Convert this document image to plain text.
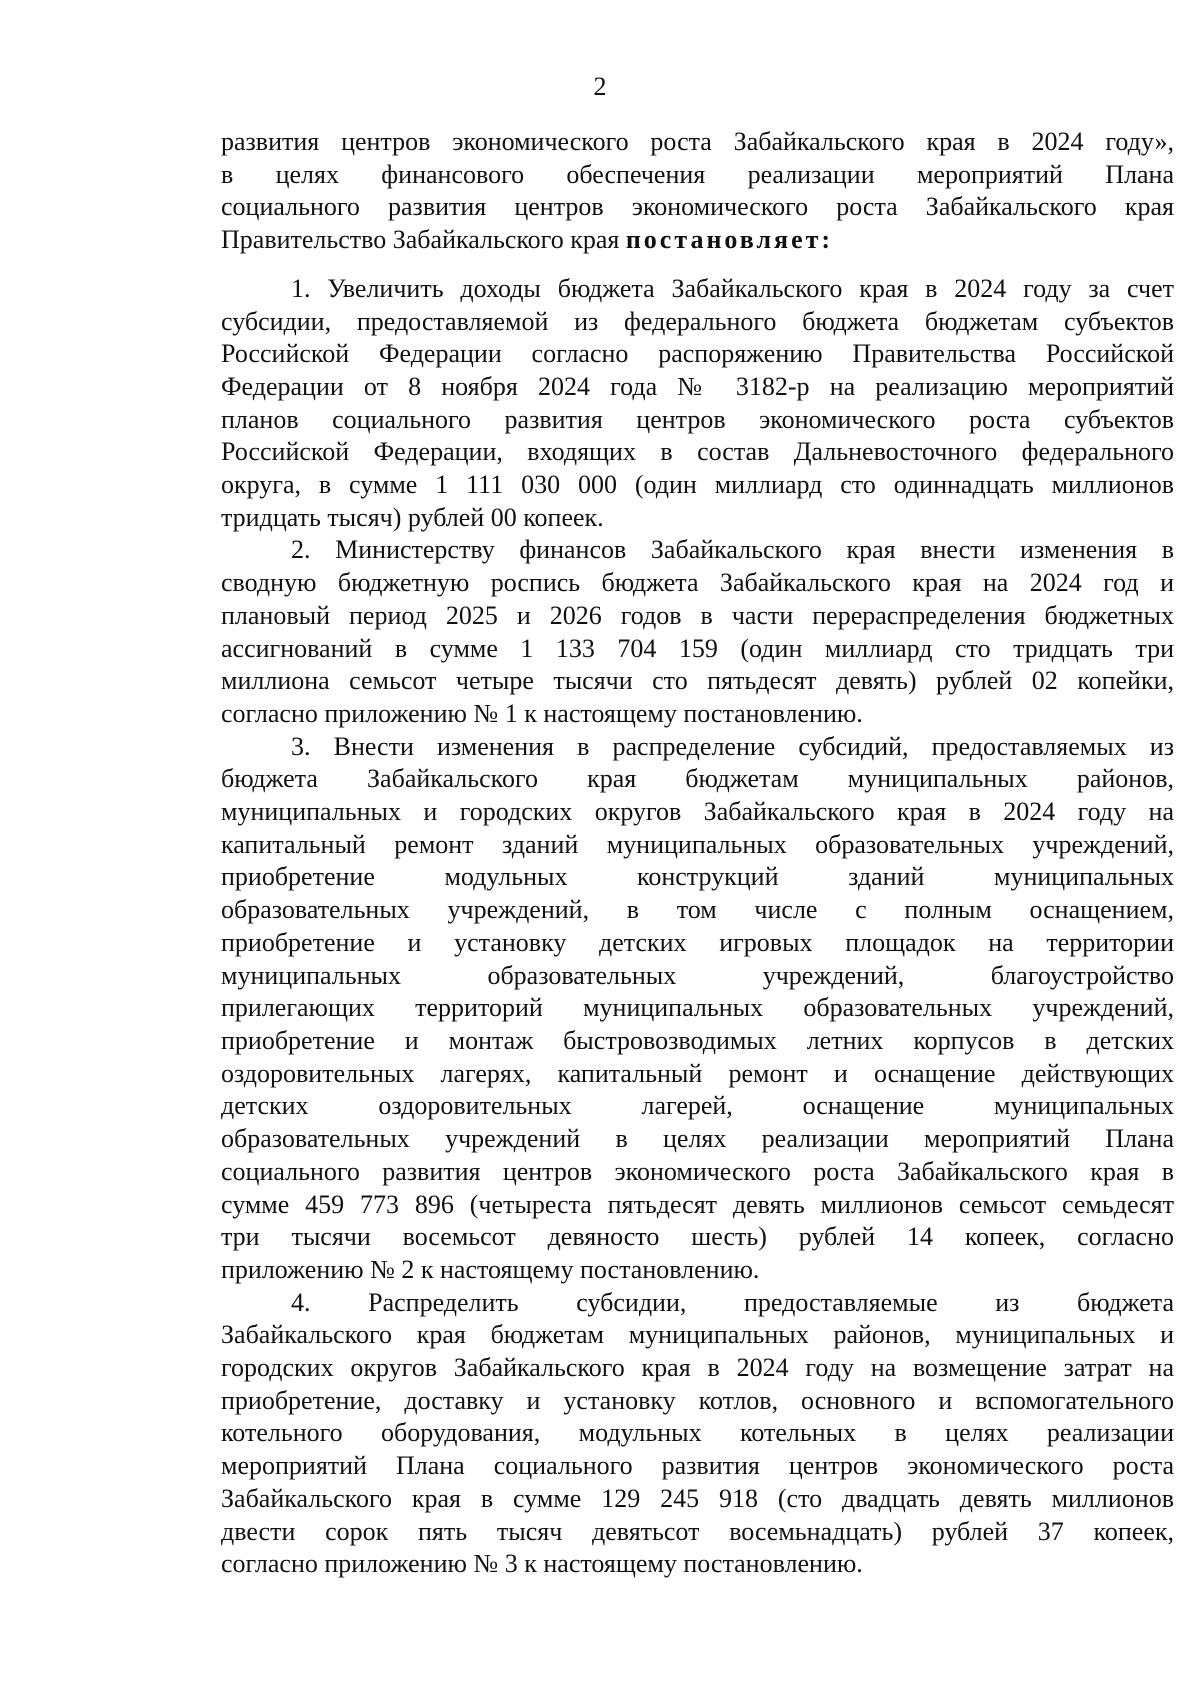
2

развития центров экономического роста Забайкальского края в 2024 году»,
в целях финансового обеспечения реализации мероприятий Плана
социального развития центров экономического роста Забайкальского края
Правительство Забайкальского края постановляет:

1. Увеличить доходы бюджета Забайкальского края в 2024 году за счет
субсидии, предоставляемой из федерального бюджета бюджетам субъектов
Российской Федерации согласно распоряжению Правительства Российской
Федерации от 8 ноября 2024 года № 3182-р на реализацию мероприятий
планов социального развития центров экономического роста субъектов
Российской Федерации, входящих в состав Дальневосточного федерального
округа, в сумме 1 111 030 000 (один миллиард сто одиннадцать миллионов
тридцать тысяч) рублей 00 копеек.

2. Министерству финансов Забайкальского края внести изменения в
сводную бюджетную роспись бюджета Забайкальского края на 2024 год и
плановый период 2025 и 2026 годов в части перераспределения бюджетных
ассигнований в сумме 1 133 704 159 (один миллиард сто тридцать три
миллиона семьсот четыре тысячи сто пятьдесят девять) рублей 02 копейки,
согласно приложению № 1 к настоящему постановлению.

3. Внести изменения в распределение субсидий, предоставляемых из
бюджета Забайкальского края бюджетам муниципальных районов,
муниципальных и городских округов Забайкальского края в 2024 году на
капитальный ремонт зданий муниципальных образовательных учреждений,
приобретение модульных конструкций зданий муниципальных
образовательных учреждений, в том числе с полным оснащением,
приобретение и установку детских игровых площадок на территории
муниципальных образовательных учреждений, благоустройство
прилегающих территорий муниципальных образовательных учреждений,
приобретение и монтаж быстровозводимых летних корпусов в детских
оздоровительных лагерях, капитальный ремонт и оснащение действующих
детских оздоровительных лагерей, оснащение муниципальных
образовательных учреждений в целях реализации мероприятий Плана
социального развития центров экономического роста Забайкальского края в
сумме 459 773 896 (четыреста пятьдесят девять миллионов семьсот семьдесят
три тысячи восемьсот девяносто шесть) рублей 14 копеек, согласно
приложению № 2 к настоящему постановлению.

4. Распределить субсидии, предоставляемые из бюджета
Забайкальского края бюджетам муниципальных районов, муниципальных и
городских округов Забайкальского края в 2024 году на возмещение затрат на
приобретение, доставку и установку котлов, основного и вспомогательного
котельного оборудования, модульных котельных в целях реализации
мероприятий Плана социального развития центров экономического роста
Забайкальского края в сумме 129 245 918 (сто двадцать девять миллионов
двести сорок пять тысяч девятьсот восемьнадцать) рублей 37 копеек,
согласно приложению № 3 к настоящему постановлению.
